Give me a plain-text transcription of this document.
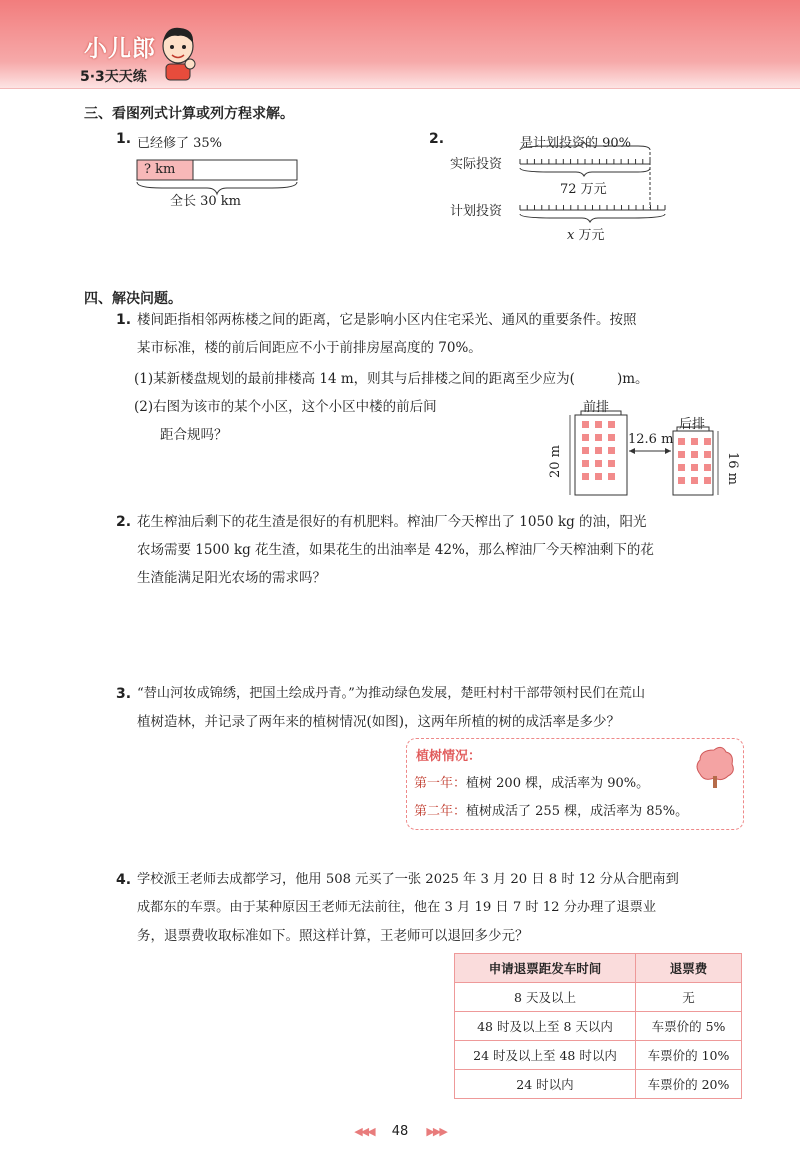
小儿郎
5·3天天练
三、看图列式计算或列方程求解。
1. 已经修了 35%
? km
全长 30 km
2.	是计划投资的 90%
实际投资
计划投资
72 万元
x 万元
四、解决问题。
1. 楼间距指相邻两栋楼之间的距离，它是影响小区内住宅采光、通风的重要条件。按照
某市标准，楼的前后间距应不小于前排房屋高度的 70%。
(1)某新楼盘规划的最前排楼高 14 m，则其与后排楼之间的距离至少应为(	)m。
(2)右图为该市的某个小区，这个小区中楼的前后间
距合规吗？
前排
后排
12.6 m
20 m	16 m
2. 花生榨油后剩下的花生渣是很好的有机肥料。榨油厂今天榨出了 1050 kg 的油，阳光
农场需要 1500 kg 花生渣，如果花生的出油率是 42%，那么榨油厂今天榨油剩下的花
生渣能满足阳光农场的需求吗？
3. “替山河妆成锦绣，把国土绘成丹青。”为推动绿色发展，楚旺村村干部带领村民们在荒山
植树造林，并记录了两年来的植树情况(如图)，这两年所植的树的成活率是多少？
植树情况：
第一年：植树 200 棵，成活率为 90%。
第二年：植树成活了 255 棵，成活率为 85%。
4. 学校派王老师去成都学习，他用 508 元买了一张 2025 年 3 月 20 日 8 时 12 分从合肥南到
成都东的车票。由于某种原因王老师无法前往，他在 3 月 19 日 7 时 12 分办理了退票业
务，退票费收取标准如下。照这样计算，王老师可以退回多少元？
申请退票距发车时间	退票费
8 天及以上	无
48 时及以上至 8 天以内	车票价的 5%
24 时及以上至 48 时以内	车票价的 10%
24 时以内	车票价的 20%
◀◀◀ 48 ▶▶▶
